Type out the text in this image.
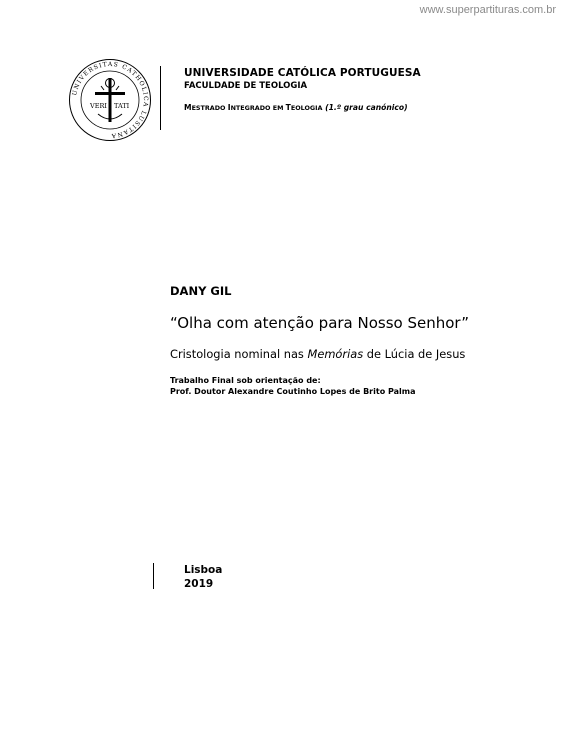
www.superpartituras.com.br
UNIVERSITAS CATHOLICA LUSITANA
VERI TATI
UNIVERSIDADE CATÓLICA PORTUGUESA
FACULDADE DE TEOLOGIA
MESTRADO INTEGRADO EM TEOLOGIA (1.º grau canónico)
DANY GIL
“Olha com atenção para Nosso Senhor”
Cristologia nominal nas Memórias de Lúcia de Jesus
Trabalho Final sob orientação de:
Prof. Doutor Alexandre Coutinho Lopes de Brito Palma
Lisboa
2019
